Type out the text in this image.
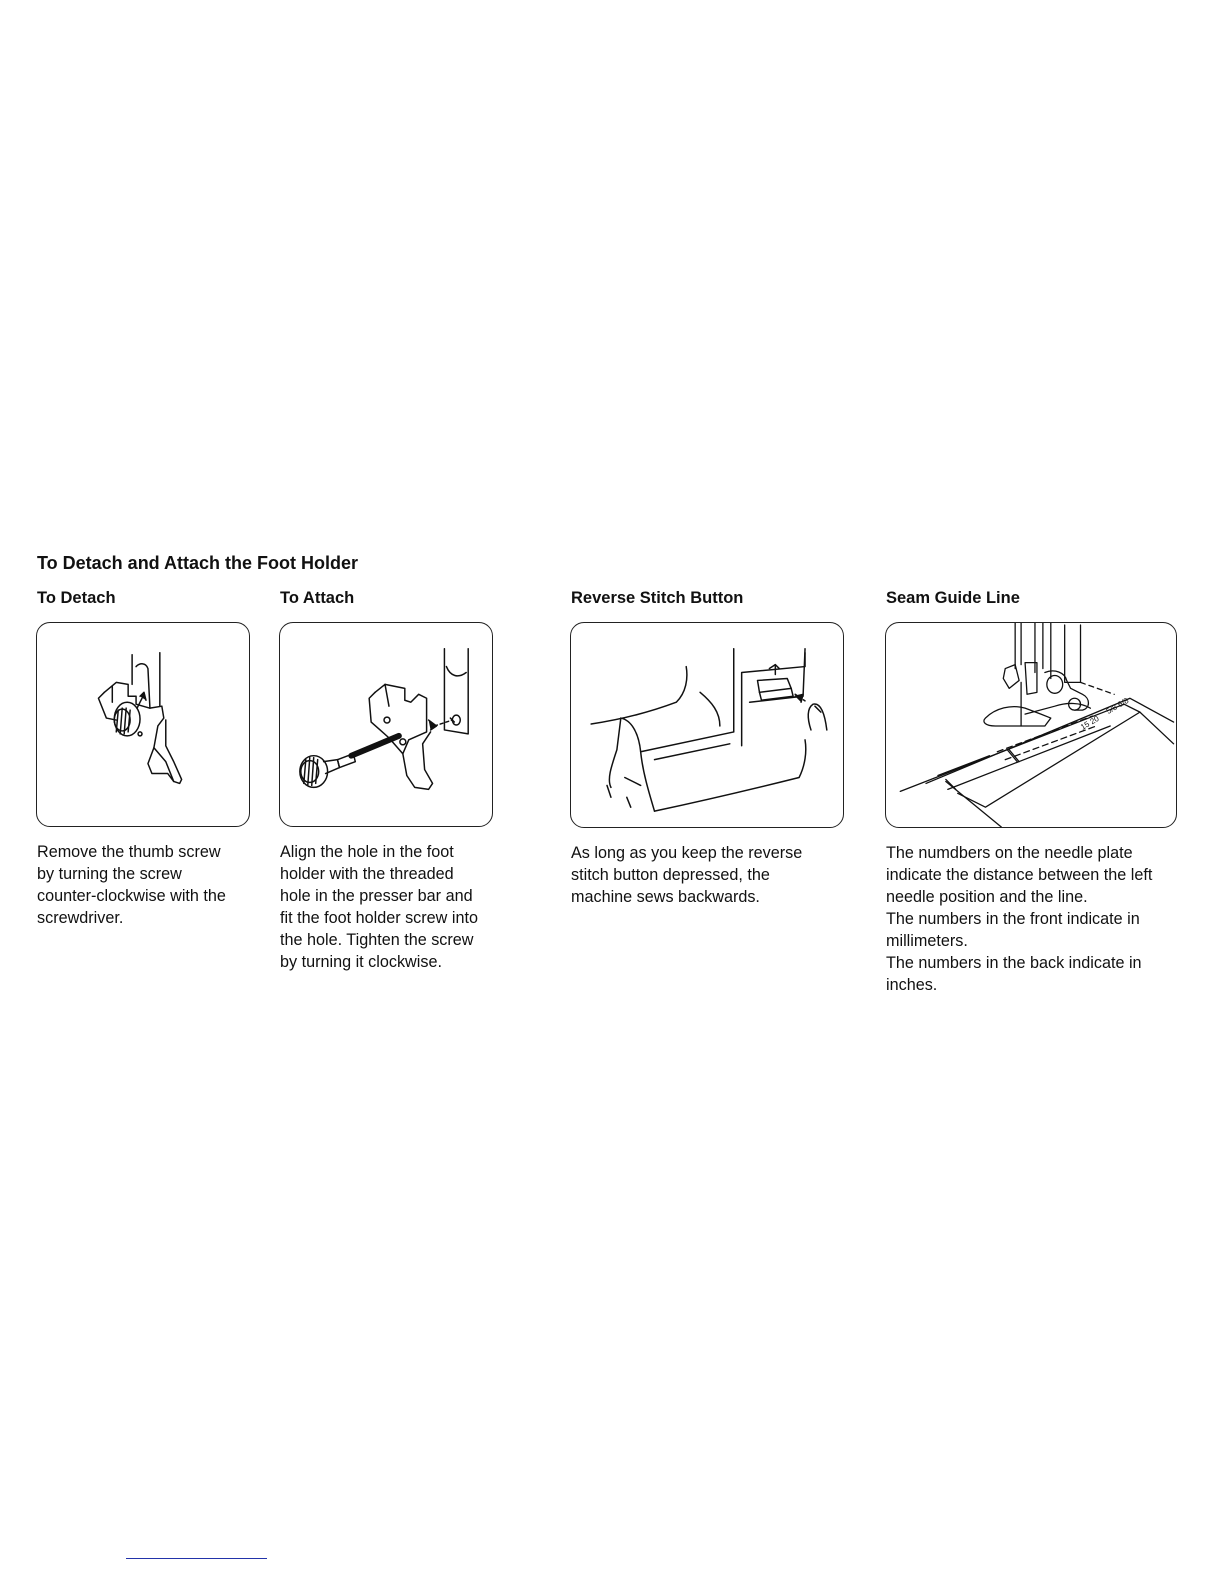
To Detach and Attach the Foot Holder
To Detach

Remove the thumb screw

by turning the screw

counter-clockwise with the

screwdriver.

To Attach

Align the hole in the foot

holder with the threaded

hole in the presser bar and

fit the foot holder screw into

the hole. Tighten the screw

by turning it clockwise.

Reverse Stitch Button

As long as you keep the reverse

stitch button depressed, the

machine sews backwards.

Seam Guide Line
15 20
5/8 6/8

The numdbers on the needle plate

indicate the distance between the left

needle position and the line.

The numbers in the front indicate in

millimeters.

The numbers in the back indicate in

inches.
